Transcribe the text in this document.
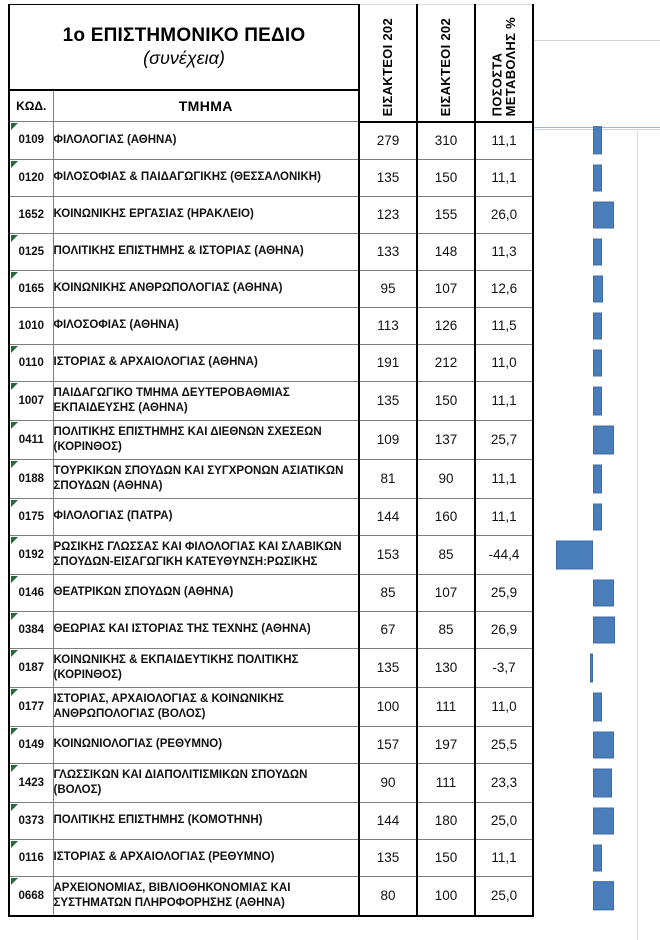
1ο ΕΠΙΣΤΗΜΟΝΙΚΟ ΠΕΔΙΟ
(συνέχεια)	ΕΙΣΑΚΤΕΟΙ 202	ΕΙΣΑΚΤΕΟΙ 202	ΠΟΣΟΣΤΑ
ΜΕΤΑΒΟΛΗΣ %

ΚΩΔ.	ΤΜΗΜΑ			

0109	ΦΙΛΟΛΟΓΙΑΣ (ΑΘΗΝΑ)	279	310	11,1

0120	ΦΙΛΟΣΟΦΙΑΣ & ΠΑΙΔΑΓΩΓΙΚΗΣ (ΘΕΣΣΑΛΟΝΙΚΗ)	135	150	11,1
1652	ΚΟΙΝΩΝΙΚΗΣ ΕΡΓΑΣΙΑΣ (ΗΡΑΚΛΕΙΟ)	123	155	26,0

0125	ΠΟΛΙΤΙΚΗΣ ΕΠΙΣΤΗΜΗΣ & ΙΣΤΟΡΙΑΣ (ΑΘΗΝΑ)	133	148	11,3

0165	ΚΟΙΝΩΝΙΚΗΣ ΑΝΘΡΩΠΟΛΟΓΙΑΣ (ΑΘΗΝΑ)	95	107	12,6
1010	ΦΙΛΟΣΟΦΙΑΣ (ΑΘΗΝΑ)	113	126	11,5

0110	ΙΣΤΟΡΙΑΣ & ΑΡΧΑΙΟΛΟΓΙΑΣ (ΑΘΗΝΑ)	191	212	11,0

1007	ΠΑΙΔΑΓΩΓΙΚΟ ΤΜΗΜΑ ΔΕΥΤΕΡΟΒΑΘΜΙΑΣ ΕΚΠΑΙΔΕΥΣΗΣ (ΑΘΗΝΑ)	135	150	11,1

0411	ΠΟΛΙΤΙΚΗΣ ΕΠΙΣΤΗΜΗΣ ΚΑΙ ΔΙΕΘΝΩΝ ΣΧΕΣΕΩΝ (ΚΟΡΙΝΘΟΣ)	109	137	25,7

0188	ΤΟΥΡΚΙΚΩΝ ΣΠΟΥΔΩΝ ΚΑΙ ΣΥΓΧΡΟΝΩΝ ΑΣΙΑΤΙΚΩΝ ΣΠΟΥΔΩΝ (ΑΘΗΝΑ)	81	90	11,1

0175	ΦΙΛΟΛΟΓΙΑΣ (ΠΑΤΡΑ)	144	160	11,1

0192	ΡΩΣΙΚΗΣ ΓΛΩΣΣΑΣ ΚΑΙ ΦΙΛΟΛΟΓΙΑΣ ΚΑΙ ΣΛΑΒΙΚΩΝ ΣΠΟΥΔΩΝ-ΕΙΣΑΓΩΓΙΚΗ ΚΑΤΕΥΘΥΝΣΗ:ΡΩΣΙΚΗΣ	153	85	-44,4

0146	ΘΕΑΤΡΙΚΩΝ ΣΠΟΥΔΩΝ (ΑΘΗΝΑ)	85	107	25,9

0384	ΘΕΩΡΙΑΣ ΚΑΙ ΙΣΤΟΡΙΑΣ ΤΗΣ ΤΕΧΝΗΣ (ΑΘΗΝΑ)	67	85	26,9

0187	ΚΟΙΝΩΝΙΚΗΣ & ΕΚΠΑΙΔΕΥΤΙΚΗΣ ΠΟΛΙΤΙΚΗΣ (ΚΟΡΙΝΘΟΣ)	135	130	-3,7

0177	ΙΣΤΟΡΙΑΣ, ΑΡΧΑΙΟΛΟΓΙΑΣ & ΚΟΙΝΩΝΙΚΗΣ ΑΝΘΡΩΠΟΛΟΓΙΑΣ (ΒΟΛΟΣ)	100	111	11,0

0149	ΚΟΙΝΩΝΙΟΛΟΓΙΑΣ (ΡΕΘΥΜΝΟ)	157	197	25,5

1423	ΓΛΩΣΣΙΚΩΝ ΚΑΙ ΔΙΑΠΟΛΙΤΙΣΜΙΚΩΝ ΣΠΟΥΔΩΝ (ΒΟΛΟΣ)	90	111	23,3

0373	ΠΟΛΙΤΙΚΗΣ ΕΠΙΣΤΗΜΗΣ (ΚΟΜΟΤΗΝΗ)	144	180	25,0

0116	ΙΣΤΟΡΙΑΣ & ΑΡΧΑΙΟΛΟΓΙΑΣ (ΡΕΘΥΜΝΟ)	135	150	11,1

0668	ΑΡΧΕΙΟΝΟΜΙΑΣ, ΒΙΒΛΙΟΘΗΚΟΝΟΜΙΑΣ ΚΑΙ ΣΥΣΤΗΜΑΤΩΝ ΠΛΗΡΟΦΟΡΗΣΗΣ (ΑΘΗΝΑ)	80	100	25,0
